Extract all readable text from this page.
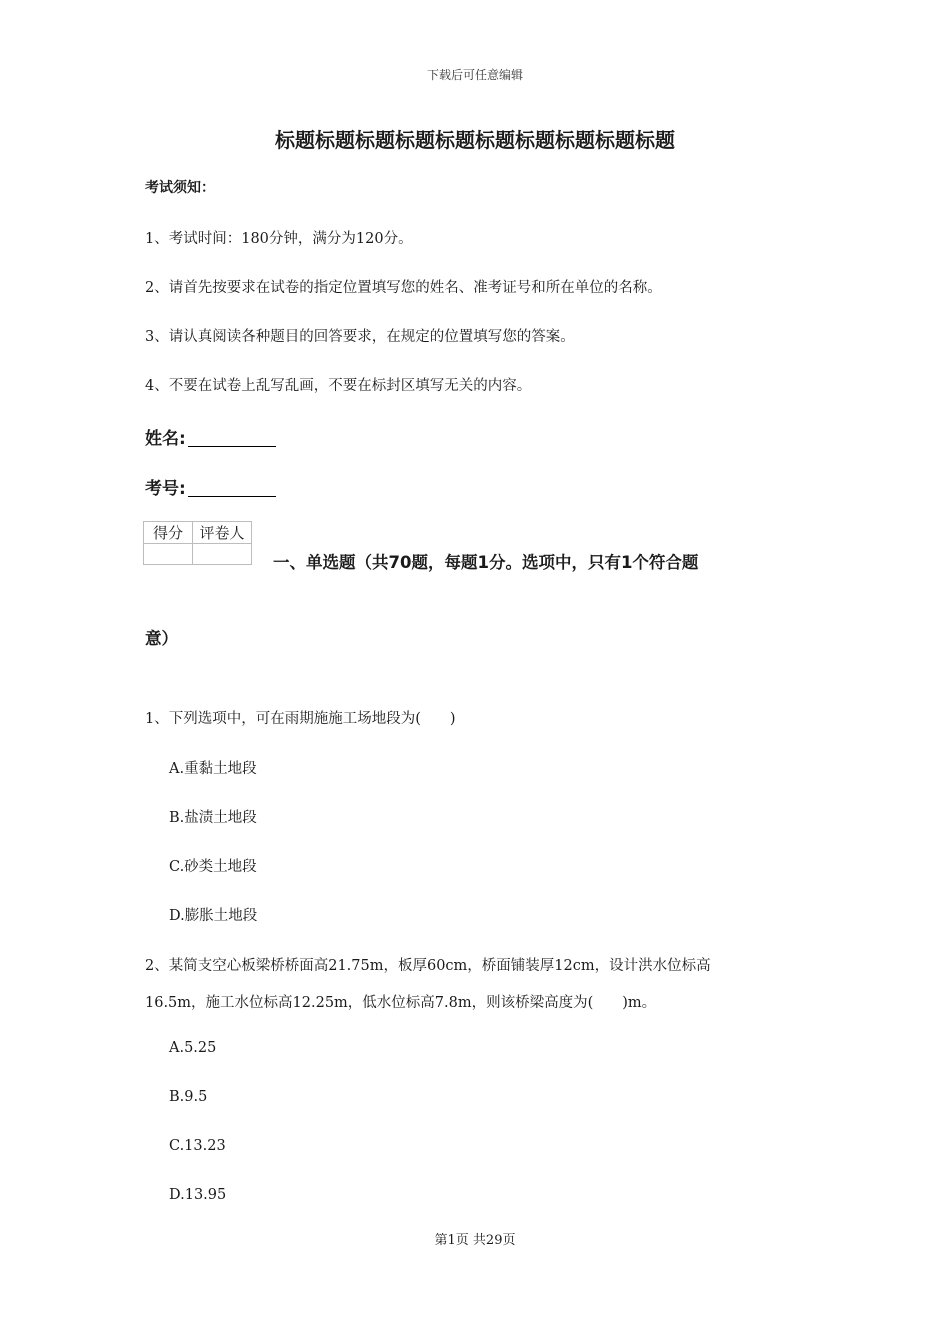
下载后可任意编辑
标题标题标题标题标题标题标题标题标题标题
考试须知：
1、考试时间：180分钟，满分为120分。
2、请首先按要求在试卷的指定位置填写您的姓名、准考证号和所在单位的名称。
3、请认真阅读各种题目的回答要求，在规定的位置填写您的答案。
4、不要在试卷上乱写乱画，不要在标封区填写无关的内容。
姓名:
考号:
得分	评卷人

一、单选题（共70题，每题1分。选项中，只有1个符合题
意）
1、下列选项中，可在雨期施施工场地段为(　　)
A.重黏土地段
B.盐渍土地段
C.砂类土地段
D.膨胀土地段
2、某简支空心板梁桥桥面高21.75m，板厚60cm，桥面铺装厚12cm，设计洪水位标高
16.5m，施工水位标高12.25m，低水位标高7.8m，则该桥梁高度为(　　)m。
A.5.25
B.9.5
C.13.23
D.13.95
第1页 共29页
